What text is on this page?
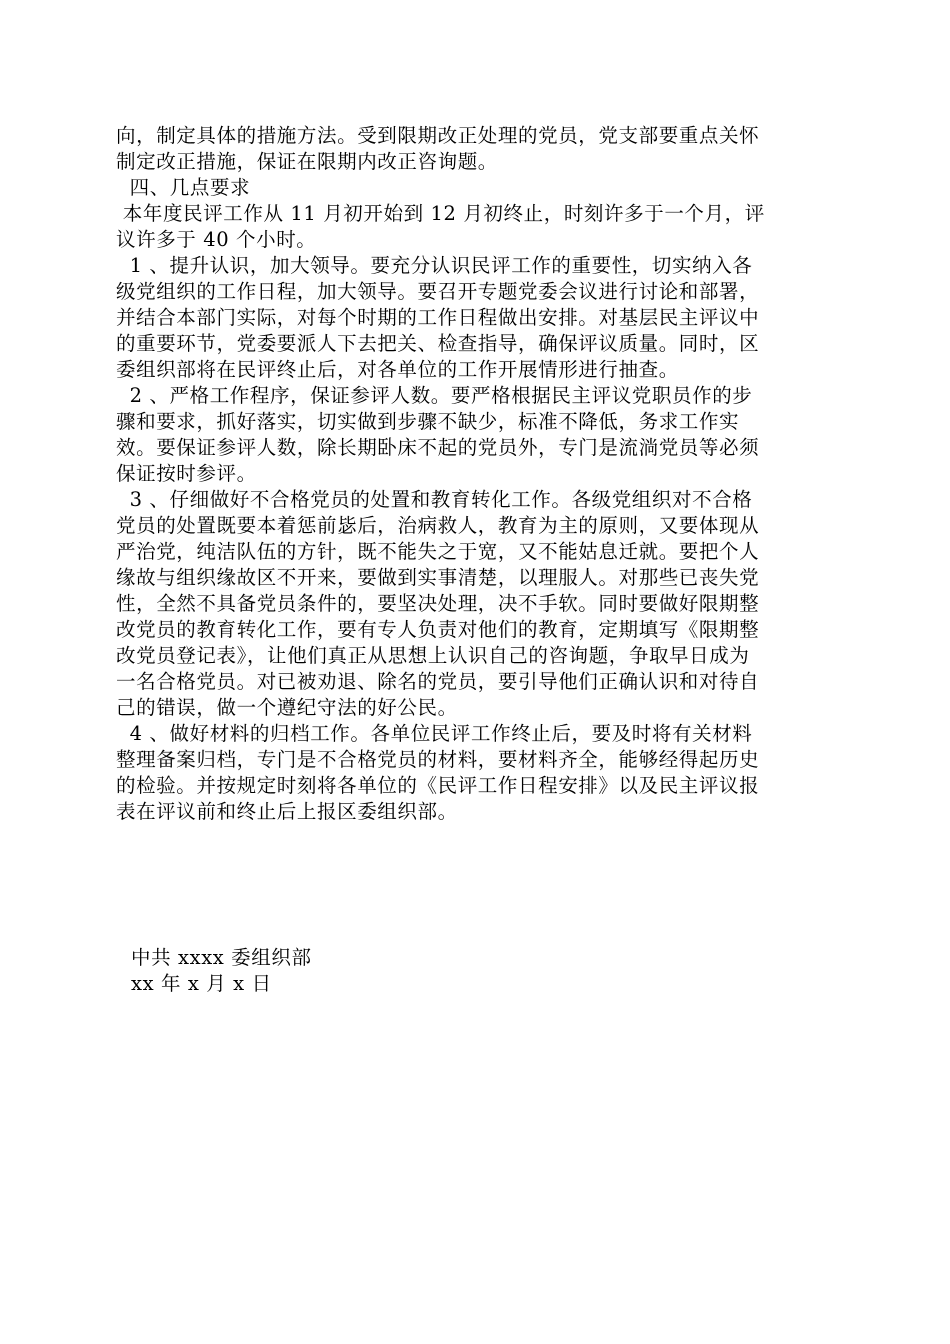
向，制定具体的措施方法。受到限期改正处理的党员，党支部要重点关怀
制定改正措施，保证在限期内改正咨询题。
四、几点要求
本年度民评工作从 11 月初开始到 12 月初终止，时刻许多于一个月，评
议许多于 40 个小时。
1 、提升认识，加大领导。要充分认识民评工作的重要性，切实纳入各
级党组织的工作日程，加大领导。要召开专题党委会议进行讨论和部署，
并结合本部门实际，对每个时期的工作日程做出安排。对基层民主评议中
的重要环节，党委要派人下去把关、检查指导，确保评议质量。同时，区
委组织部将在民评终止后，对各单位的工作开展情形进行抽查。
2 、严格工作程序，保证参评人数。要严格根据民主评议党职员作的步
骤和要求，抓好落实，切实做到步骤不缺少，标准不降低，务求工作实
效。要保证参评人数，除长期卧床不起的党员外，专门是流淌党员等必须
保证按时参评。
3 、仔细做好不合格党员的处置和教育转化工作。各级党组织对不合格
党员的处置既要本着惩前毖后，治病救人，教育为主的原则，又要体现从
严治党，纯洁队伍的方针，既不能失之于宽，又不能姑息迁就。要把个人
缘故与组织缘故区不开来，要做到实事清楚，以理服人。对那些已丧失党
性，全然不具备党员条件的，要坚决处理，决不手软。同时要做好限期整
改党员的教育转化工作，要有专人负责对他们的教育，定期填写《限期整
改党员登记表》，让他们真正从思想上认识自己的咨询题，争取早日成为
一名合格党员。对已被劝退、除名的党员，要引导他们正确认识和对待自
己的错误，做一个遵纪守法的好公民。
4 、做好材料的归档工作。各单位民评工作终止后，要及时将有关材料
整理备案归档，专门是不合格党员的材料，要材料齐全，能够经得起历史
的检验。并按规定时刻将各单位的《民评工作日程安排》以及民主评议报
表在评议前和终止后上报区委组织部。
中共 xxxx 委组织部
xx 年 x 月 x 日
